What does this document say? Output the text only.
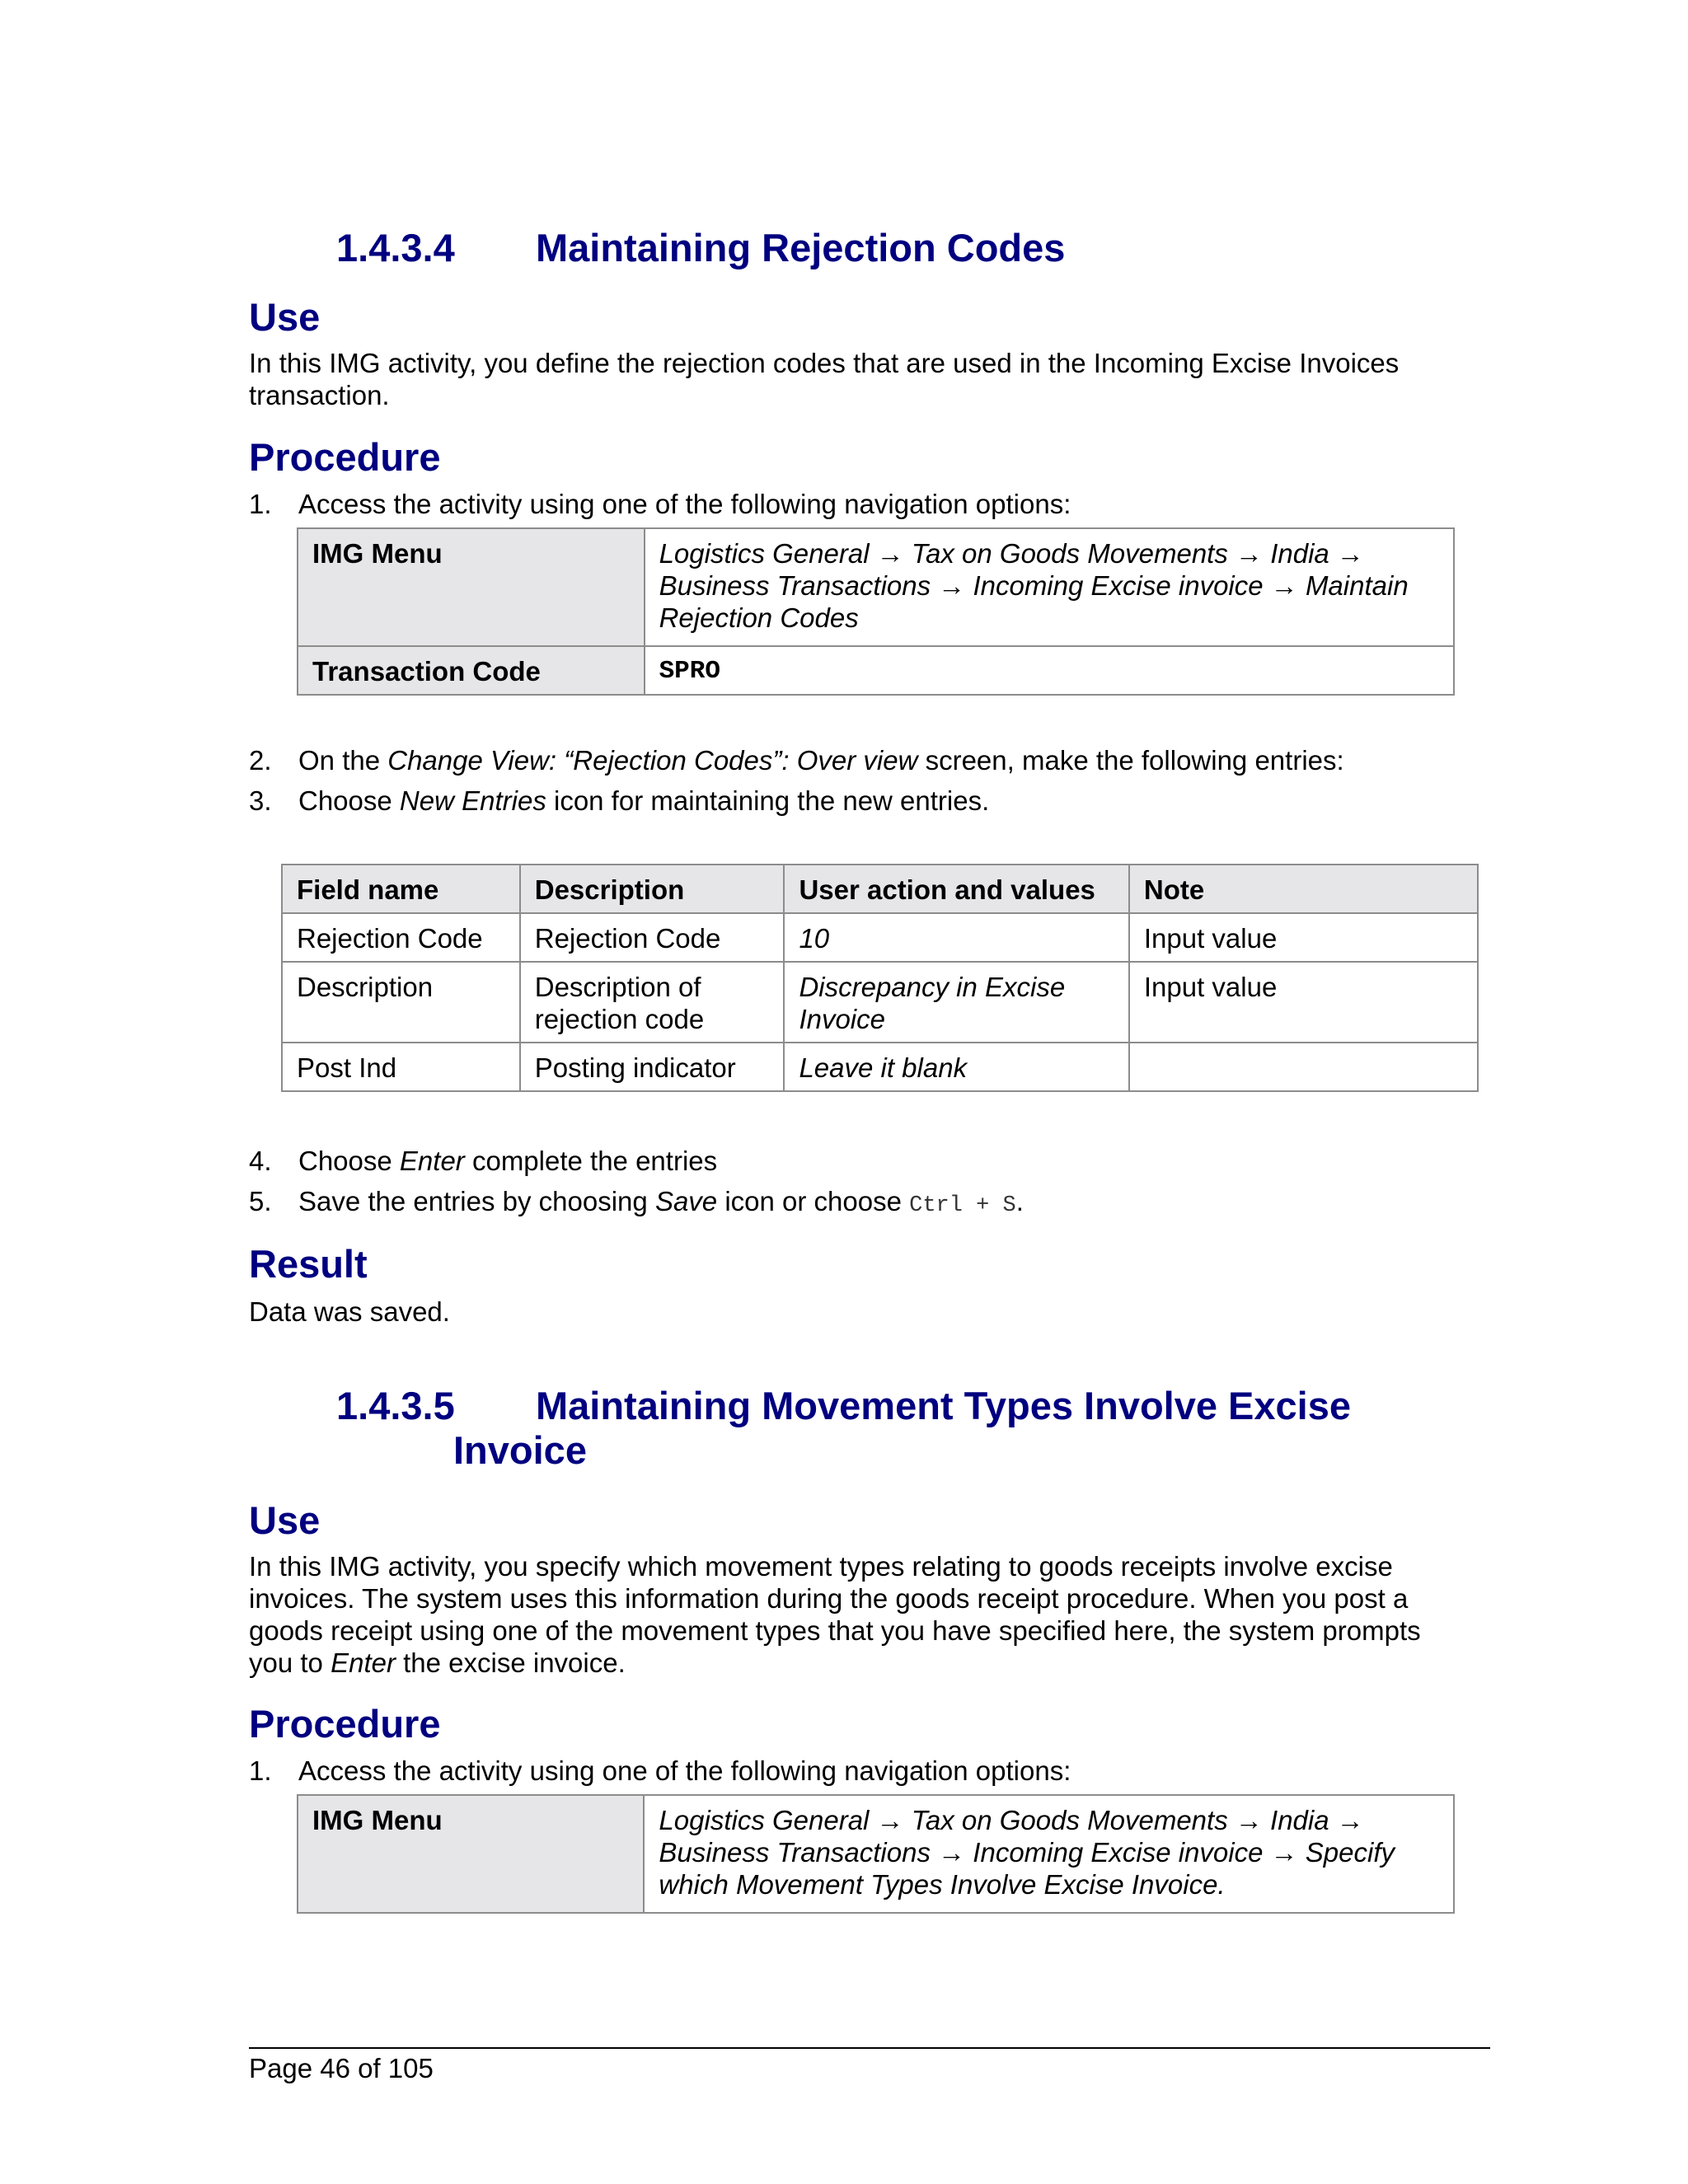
1.4.3.4 Maintaining Rejection Codes
Use

In this IMG activity, you define the rejection codes that are used in the Incoming Excise Invoices transaction.

Procedure
1. Access the activity using one of the following navigation options:
IMG Menu	Logistics General → Tax on Goods Movements → India → Business Transactions → Incoming Excise invoice → Maintain Rejection Codes
Transaction Code	SPRO
2. On the Change View: “Rejection Codes”: Over view screen, make the following entries:
3. Choose New Entries icon for maintaining the new entries.
Field name	Description	User action and values	Note
Rejection Code	Rejection Code	10	Input value
Description	Description of rejection code	Discrepancy in Excise Invoice	Input value
Post Ind	Posting indicator	Leave it blank	
4. Choose Enter complete the entries
5. Save the entries by choosing Save icon or choose Ctrl + S.
Result

Data was saved.

1.4.3.5 Maintaining Movement Types Involve Excise
Invoice
Use

In this IMG activity, you specify which movement types relating to goods receipts involve excise invoices. The system uses this information during the goods receipt procedure. When you post a goods receipt using one of the movement types that you have specified here, the system prompts you to Enter the excise invoice.

Procedure
1. Access the activity using one of the following navigation options:
IMG Menu	Logistics General → Tax on Goods Movements → India → Business Transactions → Incoming Excise invoice → Specify which Movement Types Involve Excise Invoice.
Page 46 of 105
